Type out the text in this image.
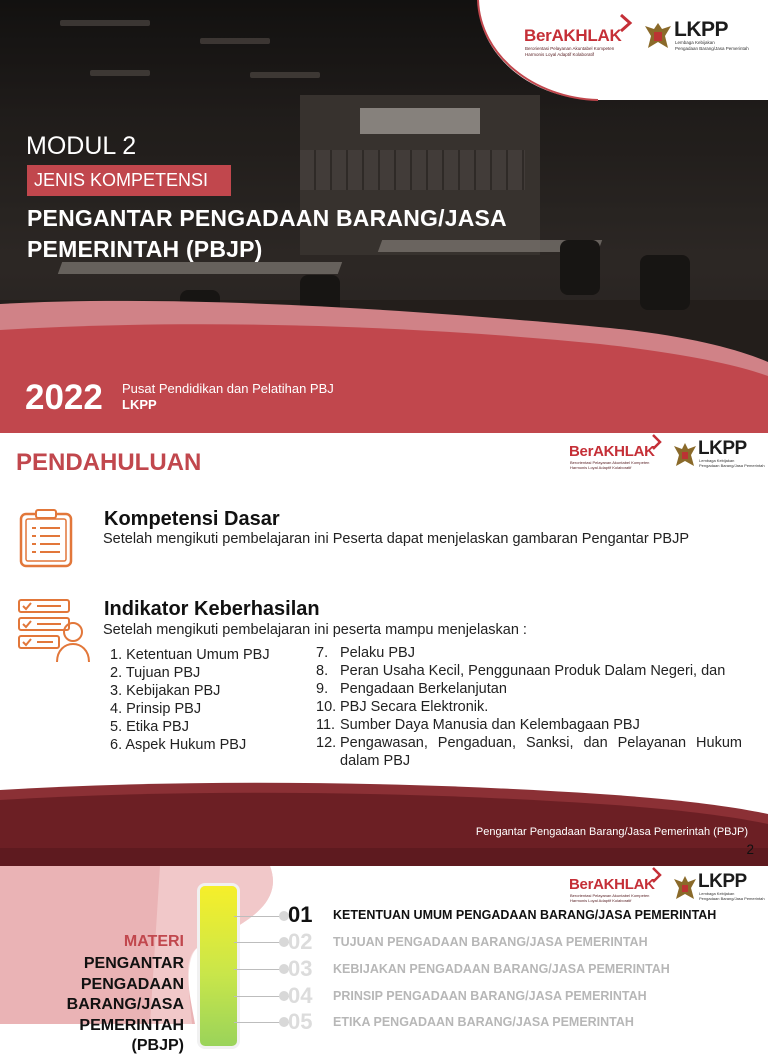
BerAKHLAK
Berorientasi Pelayanan Akuntabel Kompeten
Harmonis Loyal Adaptif Kolaboratif
LKPP
Lembaga Kebijakan
Pengadaan Barang/Jasa Pemerintah
MODUL 2
JENIS KOMPETENSI
PENGANTAR PENGADAAN BARANG/JASA
PEMERINTAH (PBJP)
2022 Pusat Pendidikan dan Pelatihan PBJ
LKPP
PENDAHULUAN	BerAKHLAK
Berorientasi Pelayanan Akuntabel Kompeten
Harmonis Loyal Adaptif Kolaboratif
LKPP
Lembaga Kebijakan
Pengadaan Barang/Jasa Pemerintah
Kompetensi Dasar
Setelah mengikuti pembelajaran ini Peserta dapat menjelaskan gambaran Pengantar PBJP
Indikator Keberhasilan
Setelah mengikuti pembelajaran ini peserta mampu menjelaskan :
1. Ketentuan Umum PBJ
2. Tujuan PBJ
3. Kebijakan PBJ
4. Prinsip PBJ
5. Etika PBJ
6. Aspek Hukum PBJ
7. Pelaku PBJ
8. Peran Usaha Kecil, Penggunaan Produk Dalam Negeri, dan
9. Pengadaan Berkelanjutan
10. PBJ Secara Elektronik.
11. Sumber Daya Manusia dan Kelembagaan PBJ
12. Pengawasan, Pengaduan, Sanksi, dan Pelayanan Hukum dalam PBJ
Pengantar Pengadaan Barang/Jasa Pemerintah (PBJP)
2
BerAKHLAK
Berorientasi Pelayanan Akuntabel Kompeten
Harmonis Loyal Adaptif Kolaboratif
LKPP
Lembaga Kebijakan
Pengadaan Barang/Jasa Pemerintah
MATERI
PENGANTAR PENGADAAN BARANG/JASA PEMERINTAH (PBJP)
01 KETENTUAN UMUM PENGADAAN BARANG/JASA PEMERINTAH
02 TUJUAN PENGADAAN BARANG/JASA PEMERINTAH
03 KEBIJAKAN PENGADAAN BARANG/JASA PEMERINTAH
04 PRINSIP PENGADAAN BARANG/JASA PEMERINTAH
05 ETIKA PENGADAAN BARANG/JASA PEMERINTAH
